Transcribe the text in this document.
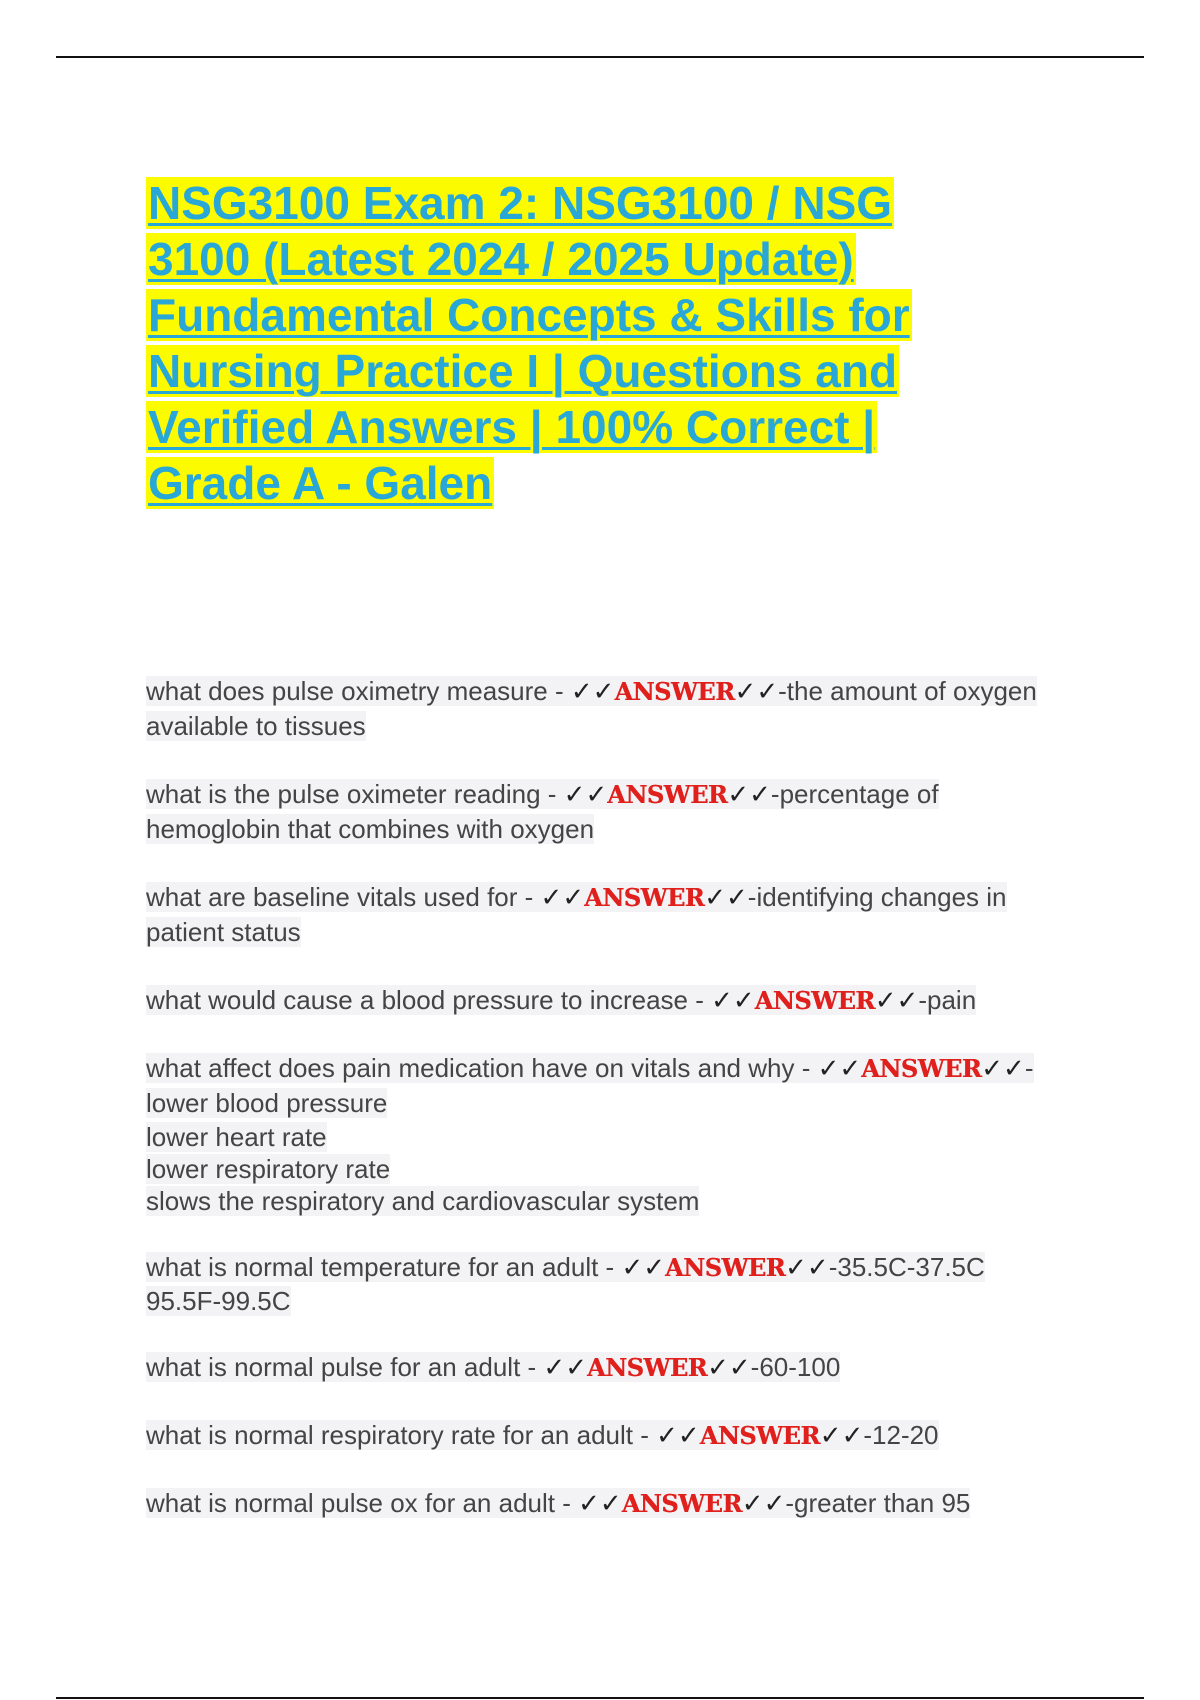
NSG3100 Exam 2: NSG3100 / NSG 3100 (Latest 2024 / 2025 Update) Fundamental Concepts & Skills for Nursing Practice I | Questions and Verified Answers | 100% Correct | Grade A - Galen
what does pulse oximetry measure - ✓✓ANSWER✓✓-the amount of oxygen available to tissues
what is the pulse oximeter reading - ✓✓ANSWER✓✓-percentage of hemoglobin that combines with oxygen
what are baseline vitals used for - ✓✓ANSWER✓✓-identifying changes in patient status
what would cause a blood pressure to increase - ✓✓ANSWER✓✓-pain
what affect does pain medication have on vitals and why - ✓✓ANSWER✓✓-lower blood pressure
lower heart rate
lower respiratory rate
slows the respiratory and cardiovascular system
what is normal temperature for an adult - ✓✓ANSWER✓✓-35.5C-37.5C
95.5F-99.5C
what is normal pulse for an adult - ✓✓ANSWER✓✓-60-100
what is normal respiratory rate for an adult - ✓✓ANSWER✓✓-12-20
what is normal pulse ox for an adult - ✓✓ANSWER✓✓-greater than 95
